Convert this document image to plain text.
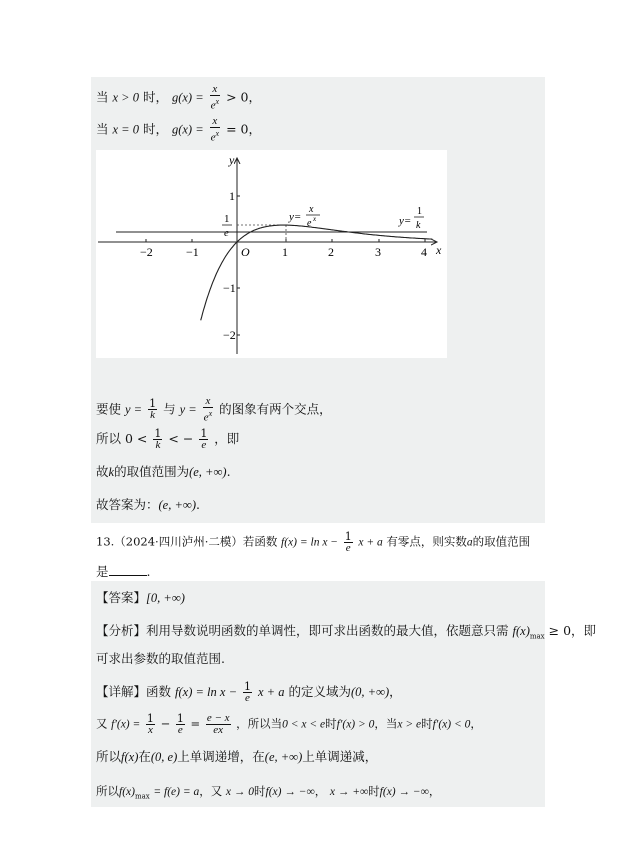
当 x > 0 时， $g(x) = \frac{x}{e^x} > 0$，
当 x = 0 时， $g(x) = \frac{x}{e^x} = 0$，
x
y
O
−2	−1	1	2	3	4
1
−1
−2
1
e
y=
x
e x	y=
1
k
要使 $y = \frac{1}{k}$ 与 $y = \frac{x}{e^x}$ 的图象有两个交点，
所以 $0 < \frac{1}{k}$ < − $\frac{1}{e}$ ，即
故k的取值范围为(e, +∞).
故答案为：(e, +∞).
13.（2024·四川泸州·二模）若函数 $f(x) = \ln x - \frac{1}{e}$ x + a 有零点，则实数a的取值范围
是	.
【答案】[0, +∞)
【分析】利用导数说明函数的单调性，即可求出函数的最大值，依题意只需 $f(x)_{max} \ge 0$，即
可求出参数的取值范围.
【详解】函数 $f(x) = \ln x - \frac{1}{e}$ x + a 的定义域为(0, +∞)，
又 $f'(x) = \frac{1}{x} - \frac{1}{e} = \frac{e - x}{ex}$ ，所以当0 < x < e时f′(x) > 0，当x > e时f′(x) < 0，
所以f(x)在(0, e)上单调递增，在(e, +∞)上单调递减，
所以$f(x)_{max} = f(e) = a$，又 x → 0时f(x) → −∞， x → +∞时f(x) → −∞，
